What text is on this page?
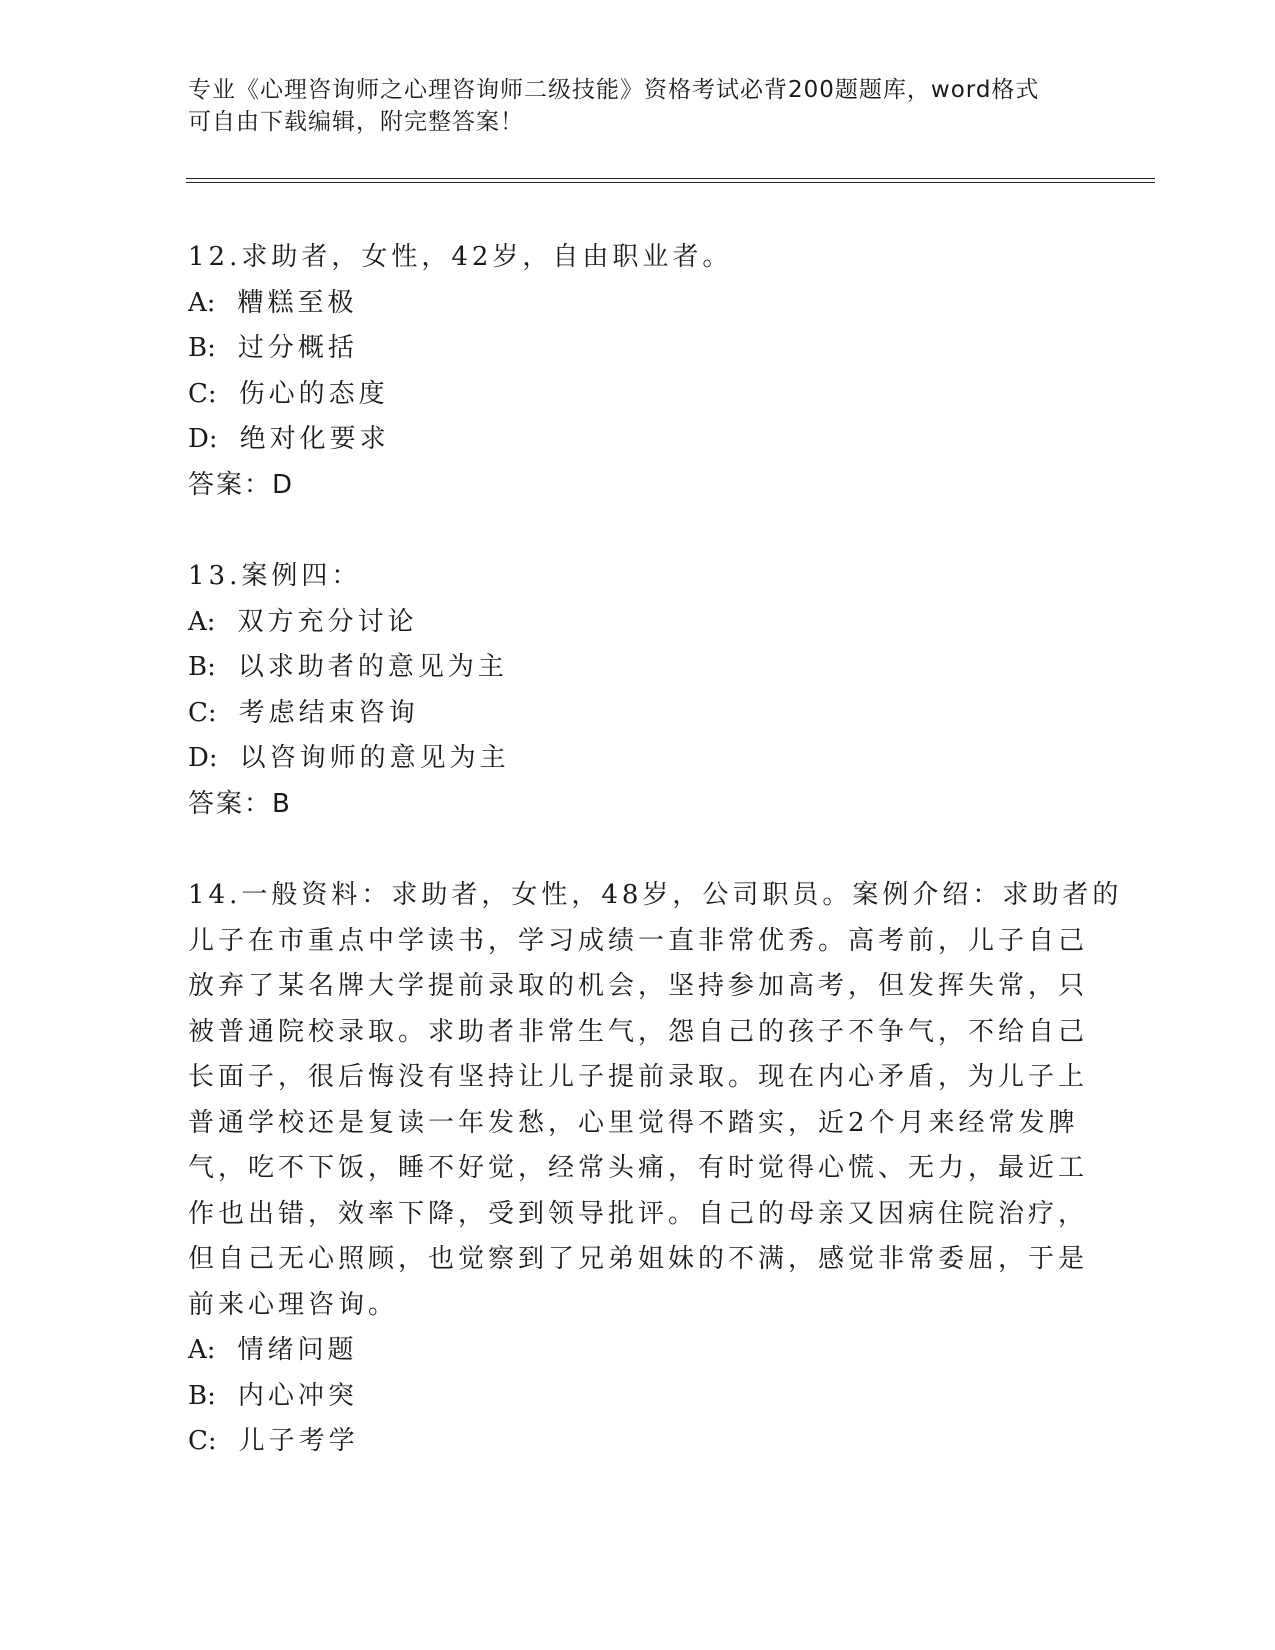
专业《心理咨询师之心理咨询师二级技能》资格考试必背200题题库，word格式
可自由下载编辑，附完整答案！
12.求助者，女性，42岁，自由职业者。
A: 糟糕至极
B: 过分概括
C: 伤心的态度
D: 绝对化要求
答案：D
13.案例四：
A: 双方充分讨论
B: 以求助者的意见为主
C: 考虑结束咨询
D: 以咨询师的意见为主
答案：B
14.一般资料：求助者，女性，48岁，公司职员。案例介绍：求助者的
儿子在市重点中学读书，学习成绩一直非常优秀。高考前，儿子自己
放弃了某名牌大学提前录取的机会，坚持参加高考，但发挥失常，只
被普通院校录取。求助者非常生气，怨自己的孩子不争气，不给自己
长面子，很后悔没有坚持让儿子提前录取。现在内心矛盾，为儿子上
普通学校还是复读一年发愁，心里觉得不踏实，近2个月来经常发脾
气，吃不下饭，睡不好觉，经常头痛，有时觉得心慌、无力，最近工
作也出错，效率下降，受到领导批评。自己的母亲又因病住院治疗，
但自己无心照顾，也觉察到了兄弟姐妹的不满，感觉非常委屈，于是
前来心理咨询。
A: 情绪问题
B: 内心冲突
C: 儿子考学
